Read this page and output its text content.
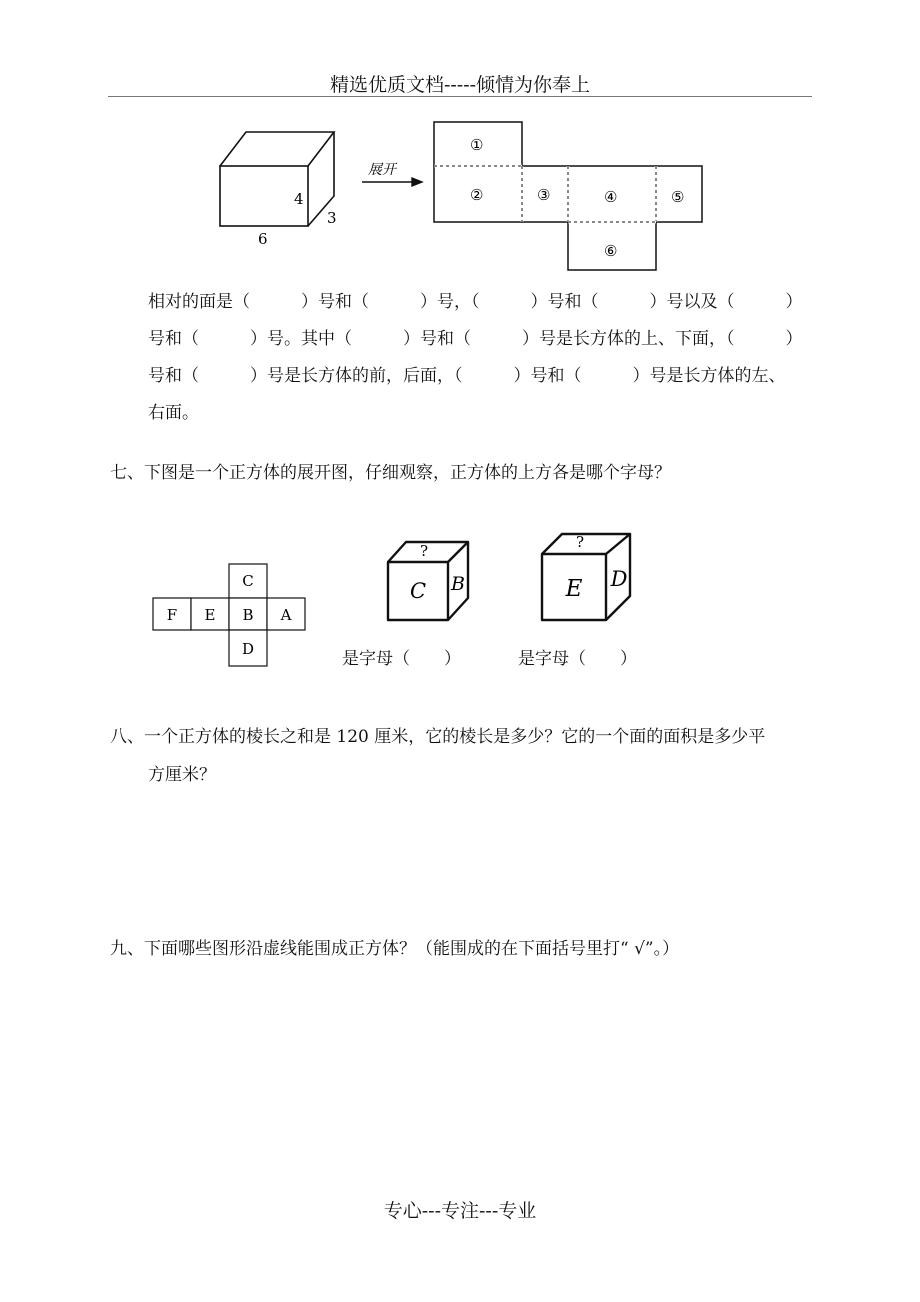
精选优质文档-----倾情为你奉上
4
3
6
展开
①
②	③	④	⑤
⑥
相对的面是（　　　）号和（　　　）号，（　　　）号和（　　　）号以及（　　　）
号和（　　　）号。其中（　　　）号和（　　　）号是长方体的上、下面，（　　　）
号和（　　　）号是长方体的前，后面，（　　　）号和（　　　）号是长方体的左、
右面。
七、下图是一个正方体的展开图，仔细观察，正方体的上方各是哪个字母？
C
F E B A
D
?
C B
?
E D
是字母（　　）	是字母（　　）
八、一个正方体的棱长之和是 120 厘米，它的棱长是多少？它的一个面的面积是多少平
方厘米？
九、下面哪些图形沿虚线能围成正方体？（能围成的在下面括号里打“ √”。）
专心---专注---专业
